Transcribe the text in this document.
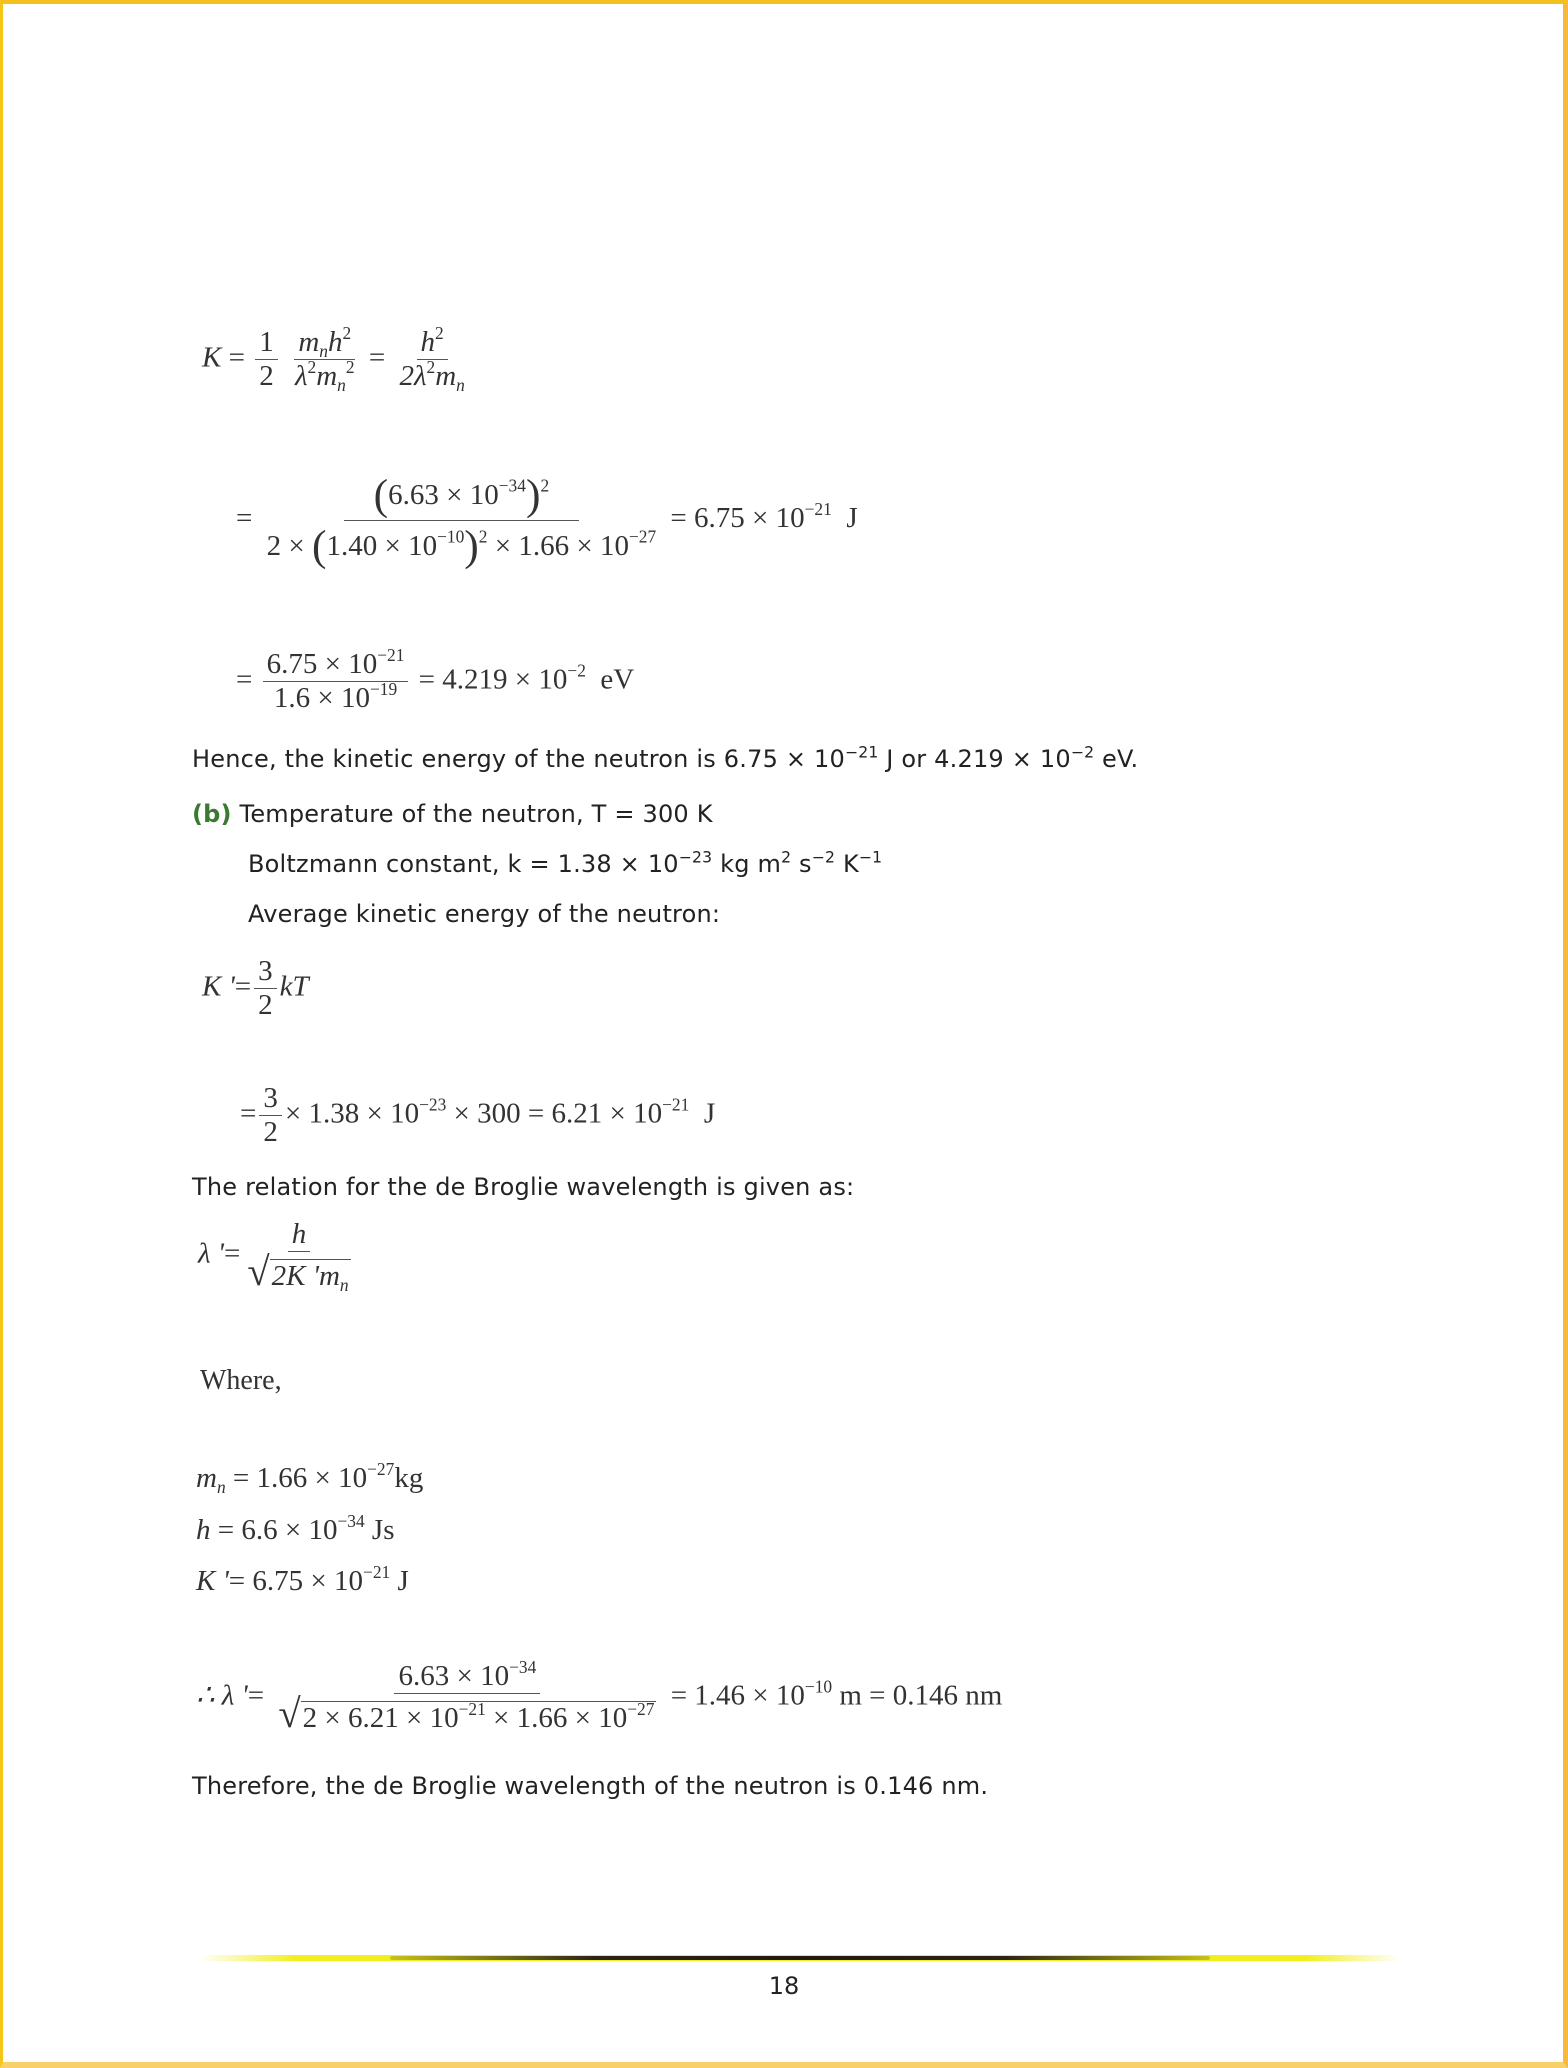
$K = \frac{1}{2}$
$\frac{m_nh^2}{\lambda^2m_n^2} = \frac{h^2}{2\lambda^2m_n}$
= $\frac{(6.63 \times 10^{-34})^2}{2 \times (1.40 \times 10^{-10})^2 \times 1.66 \times 10^{-27}} = 6.75 \times 10^{-21}$ J
= $\frac{6.75 \times 10^{-21}}{1.6 \times 10^{-19}} = 4.219 \times 10^{-2}$ eV
Hence, the kinetic energy of the neutron is $6.75 \times 10^{-21}$ J or $4.219 \times 10^{-2}$ eV.
(b) Temperature of the neutron, T = 300 K
Boltzmann constant, $k = 1.38 \times 10^{-23}$ kg $m^2$ $s^{-2}$ $K^{-1}$
Average kinetic energy of the neutron:
K '= $\frac{3}{2}$ kT
= $\frac{3}{2} \times 1.38 \times 10^{-23} \times 300 = 6.21 \times 10^{-21}$ J
The relation for the de Broglie wavelength is given as:
λ '= $\frac{h}{√ 2K 'm_n}$
Where,
$m_n = 1.66 \times 10^{-27}kg$
$h = 6.6 \times 10^{-34}$ Js
K '= $6.75 \times 10^{-21}$ J
∴ λ '= $\frac{6.63 \times 10^{-34}}{√ 2 \times 6.21 \times 10^{-21} \times 1.66 \times 10^{-27}} = 1.46 \times 10^{-10}$ m = 0.146 nm
Therefore, the de Broglie wavelength of the neutron is 0.146 nm.
18
